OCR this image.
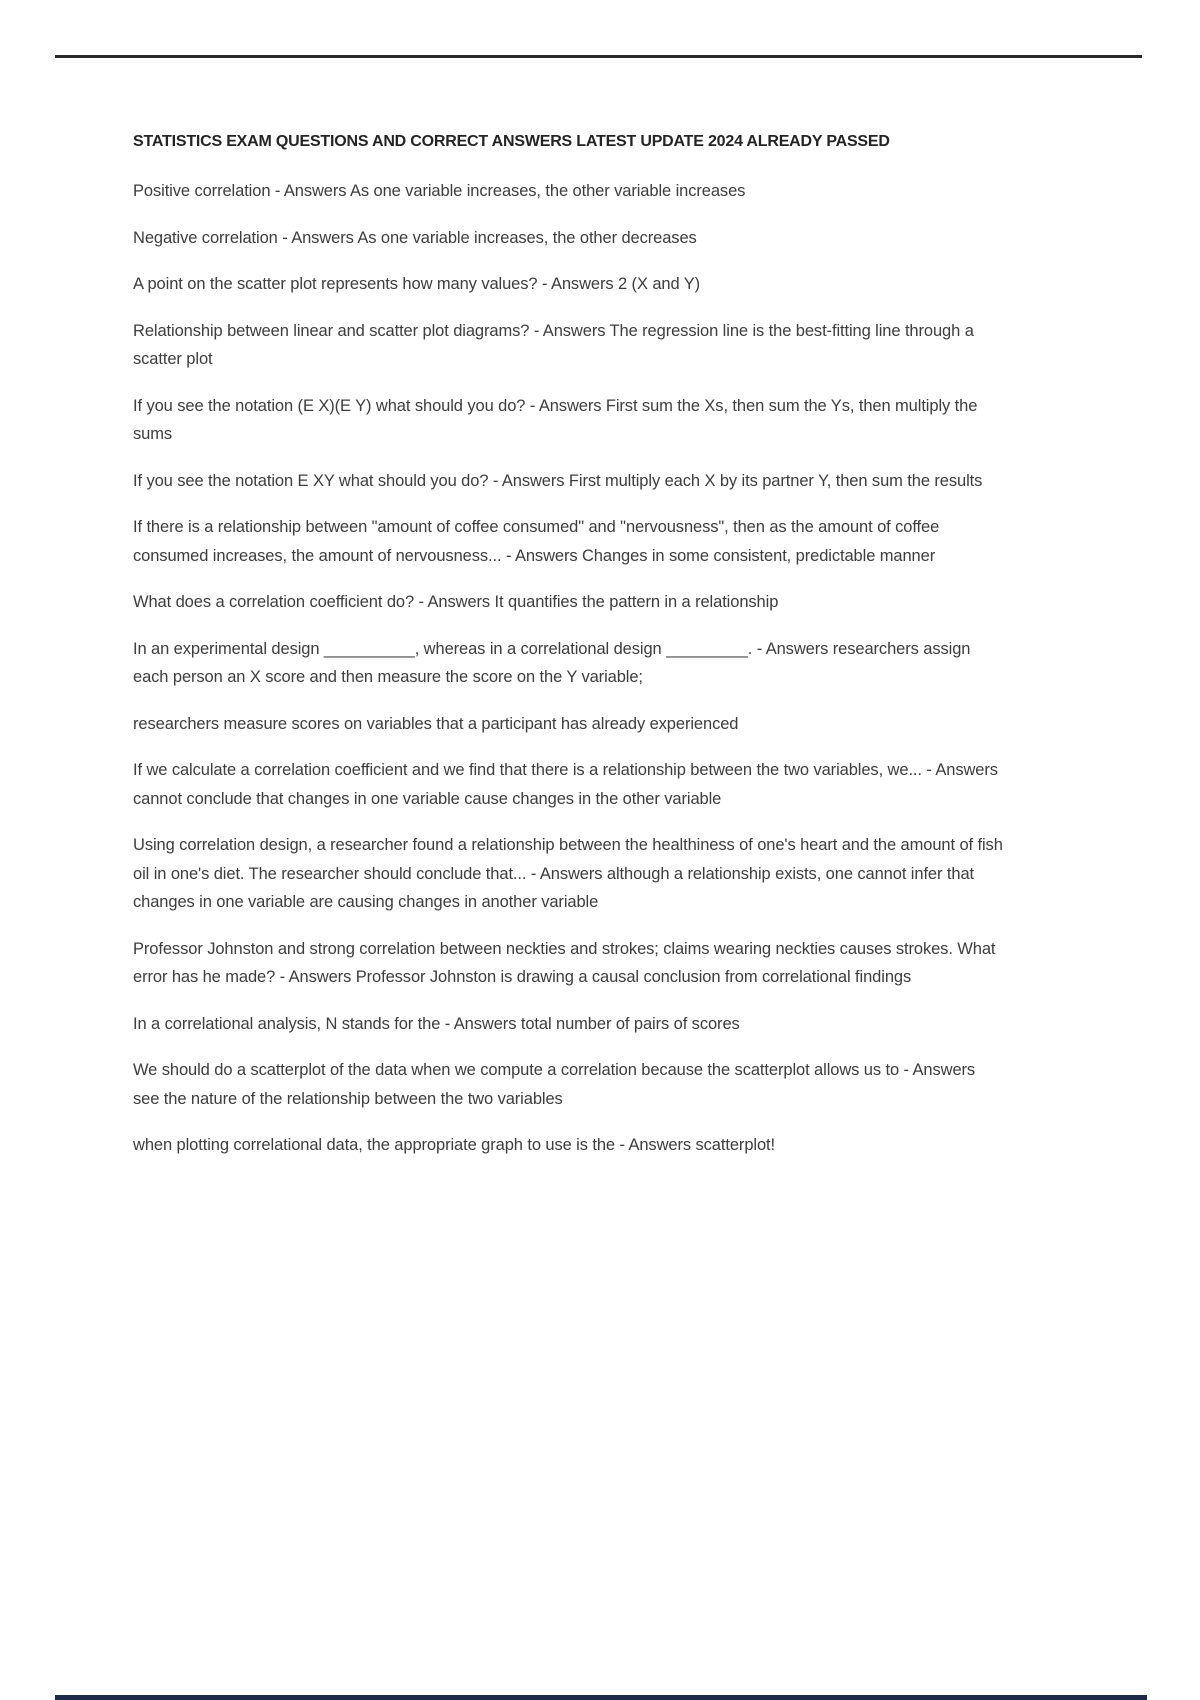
STATISTICS EXAM QUESTIONS AND CORRECT ANSWERS LATEST UPDATE 2024 ALREADY PASSED

Positive correlation - Answers As one variable increases, the other variable increases

Negative correlation - Answers As one variable increases, the other decreases

A point on the scatter plot represents how many values? - Answers 2 (X and Y)

Relationship between linear and scatter plot diagrams? - Answers The regression line is the best-fitting line through a scatter plot

If you see the notation (E X)(E Y) what should you do? - Answers First sum the Xs, then sum the Ys, then multiply the sums

If you see the notation E XY what should you do? - Answers First multiply each X by its partner Y, then sum the results

If there is a relationship between "amount of coffee consumed" and "nervousness", then as the amount of coffee consumed increases, the amount of nervousness... - Answers Changes in some consistent, predictable manner

What does a correlation coefficient do? - Answers It quantifies the pattern in a relationship

In an experimental design __________, whereas in a correlational design _________. - Answers researchers assign each person an X score and then measure the score on the Y variable;

researchers measure scores on variables that a participant has already experienced

If we calculate a correlation coefficient and we find that there is a relationship between the two variables, we... - Answers cannot conclude that changes in one variable cause changes in the other variable

Using correlation design, a researcher found a relationship between the healthiness of one's heart and the amount of fish oil in one's diet. The researcher should conclude that... - Answers although a relationship exists, one cannot infer that changes in one variable are causing changes in another variable

Professor Johnston and strong correlation between neckties and strokes; claims wearing neckties causes strokes. What error has he made? - Answers Professor Johnston is drawing a causal conclusion from correlational findings

In a correlational analysis, N stands for the - Answers total number of pairs of scores

We should do a scatterplot of the data when we compute a correlation because the scatterplot allows us to - Answers see the nature of the relationship between the two variables

when plotting correlational data, the appropriate graph to use is the - Answers scatterplot!
